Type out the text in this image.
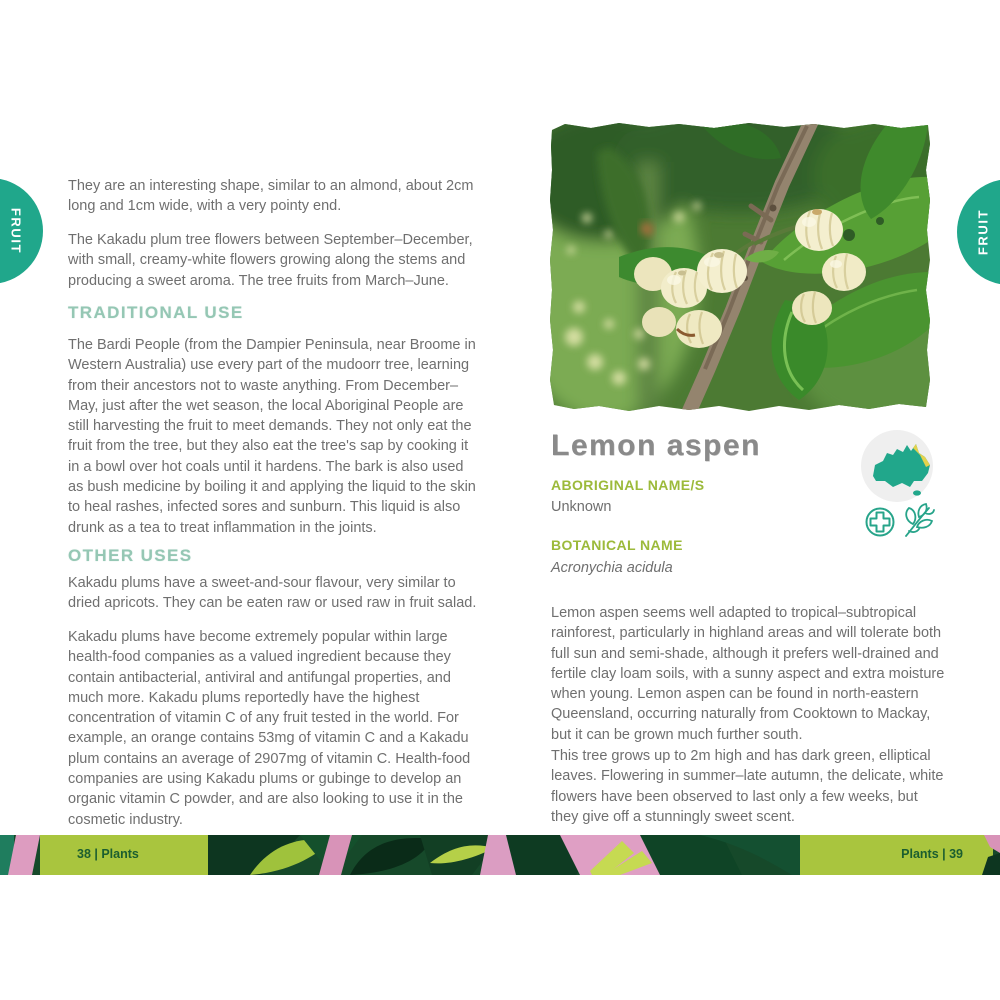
FRUIT	FRUIT

They are an interesting shape, similar to an almond, about 2cm long and 1cm wide, with a very pointy end.

The Kakadu plum tree flowers between September–December, with small, creamy-white flowers growing along the stems and producing a sweet aroma. The tree fruits from March–June.

TRADITIONAL USE

The Bardi People (from the Dampier Peninsula, near Broome in Western Australia) use every part of the mudoorr tree, learning from their ancestors not to waste anything. From December–May, just after the wet season, the local Aboriginal People are still harvesting the fruit to meet demands. They not only eat the fruit from the tree, but they also eat the tree's sap by cooking it in a bowl over hot coals until it hardens. The bark is also used as bush medicine by boiling it and applying the liquid to the skin to heal rashes, infected sores and sunburn. This liquid is also drunk as a tea to treat inflammation in the joints.

OTHER USES

Kakadu plums have a sweet-and-sour flavour, very similar to dried apricots. They can be eaten raw or used raw in fruit salad.

Kakadu plums have become extremely popular within large health-food companies as a valued ingredient because they contain antibacterial, antiviral and antifungal properties, and much more. Kakadu plums reportedly have the highest concentration of vitamin C of any fruit tested in the world. For example, an orange contains 53mg of vitamin C and a Kakadu plum contains an average of 2907mg of vitamin C. Health-food companies are using Kakadu plums or gubinge to develop an organic vitamin C powder, and are also looking to use it in the cosmetic industry.

Lemon aspen

ABORIGINAL NAME/S

Unknown

BOTANICAL NAME

Acronychia acidula

Lemon aspen seems well adapted to tropical–subtropical rainforest, particularly in highland areas and will tolerate both full sun and semi-shade, although it prefers well-drained and fertile clay loam soils, with a sunny aspect and extra moisture when young. Lemon aspen can be found in north-eastern Queensland, occurring naturally from Cooktown to Mackay, but it can be grown much further south.

This tree grows up to 2m high and has dark green, elliptical leaves. Flowering in summer–late autumn, the delicate, white flowers have been observed to last only a few weeks, but they give off a stunningly sweet scent.

38 | Plants	Plants | 39
